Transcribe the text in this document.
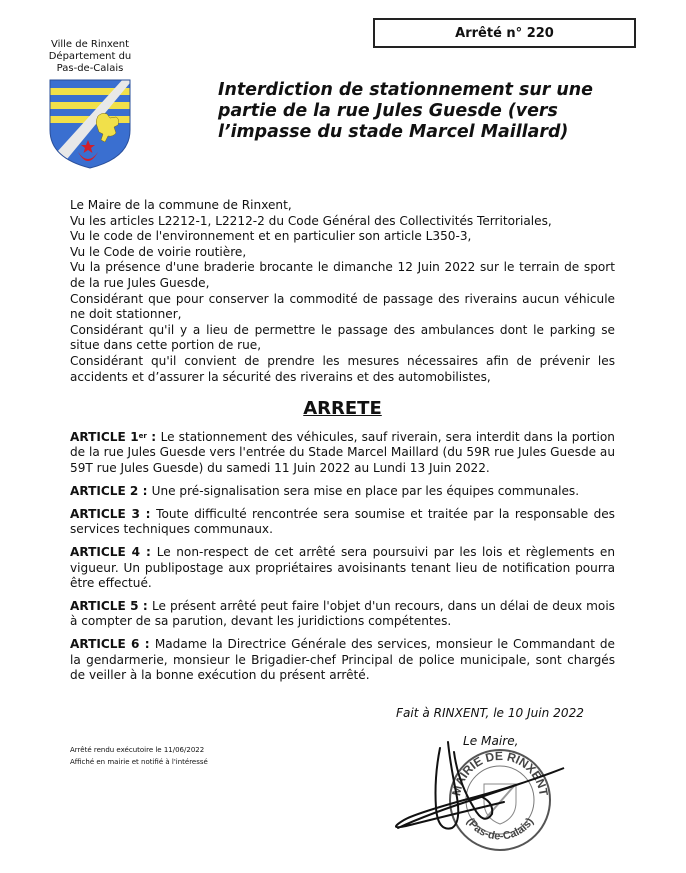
Arrêté n° 220
Ville de Rinxent
Département du
Pas-de-Calais
Interdiction de stationnement sur une
partie de la rue Jules Guesde (vers
l’impasse du stade Marcel Maillard)

Le Maire de la commune de Rinxent,

Vu les articles L2212-1, L2212-2 du Code Général des Collectivités Territoriales,

Vu le code de l'environnement et en particulier son article L350-3,

Vu le Code de voirie routière,

Vu la présence d'une braderie brocante le dimanche 12 Juin 2022 sur le terrain de sport de la rue Jules Guesde,

Considérant que pour conserver la commodité de passage des riverains aucun véhicule ne doit stationner,

Considérant qu'il y a lieu de permettre le passage des ambulances dont le parking se situe dans cette portion de rue,

Considérant qu'il convient de prendre les mesures nécessaires afin de prévenir les accidents et d’assurer la sécurité des riverains et des automobilistes,

ARRETE

ARTICLE 1er : Le stationnement des véhicules, sauf riverain, sera interdit dans la portion de la rue Jules Guesde vers l'entrée du Stade Marcel Maillard (du 59R rue Jules Guesde au 59T rue Jules Guesde) du samedi 11 Juin 2022 au Lundi 13 Juin 2022.

ARTICLE 2 : Une pré-signalisation sera mise en place par les équipes communales.

ARTICLE 3 : Toute difficulté rencontrée sera soumise et traitée par la responsable des services techniques communaux.

ARTICLE 4 : Le non-respect de cet arrêté sera poursuivi par les lois et règlements en vigueur. Un publipostage aux propriétaires avoisinants tenant lieu de notification pourra être effectué.

ARTICLE 5 : Le présent arrêté peut faire l'objet d'un recours, dans un délai de deux mois à compter de sa parution, devant les juridictions compétentes.

ARTICLE 6 : Madame la Directrice Générale des services, monsieur le Commandant de la gendarmerie, monsieur le Brigadier-chef Principal de police municipale, sont chargés de veiller à la bonne exécution du présent arrêté.

Fait à RINXENT, le 10 Juin 2022
Arrêté rendu exécutoire le 11/06/2022
Affiché en mairie et notifié à l'intéressé
MAIRIE DE RINXENT
(Pas-de-Calais)
Le Maire,
